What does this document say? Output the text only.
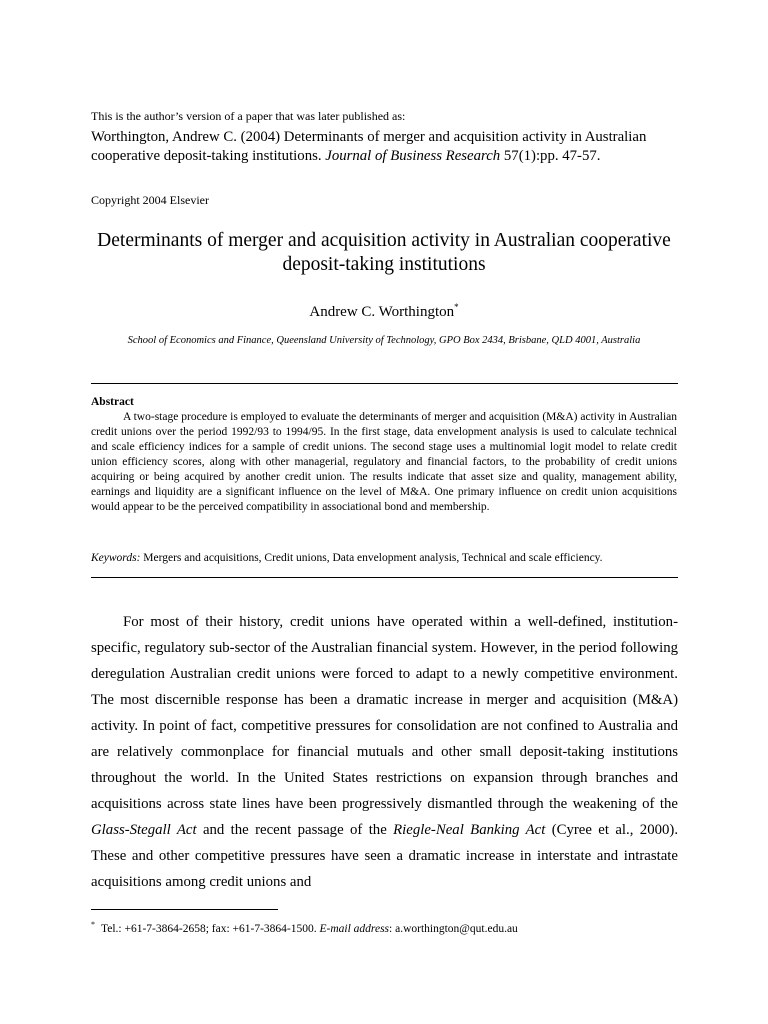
This is the author’s version of a paper that was later published as:
Worthington, Andrew C. (2004) Determinants of merger and acquisition activity in Australian cooperative deposit-taking institutions. Journal of Business Research 57(1):pp. 47-57.
Copyright 2004 Elsevier
Determinants of merger and acquisition activity in Australian cooperative deposit-taking institutions
Andrew C. Worthington*
School of Economics and Finance, Queensland University of Technology, GPO Box 2434, Brisbane, QLD 4001, Australia
Abstract
A two-stage procedure is employed to evaluate the determinants of merger and acquisition (M&A) activity in Australian credit unions over the period 1992/93 to 1994/95. In the first stage, data envelopment analysis is used to calculate technical and scale efficiency indices for a sample of credit unions. The second stage uses a multinomial logit model to relate credit union efficiency scores, along with other managerial, regulatory and financial factors, to the probability of credit unions acquiring or being acquired by another credit union. The results indicate that asset size and quality, management ability, earnings and liquidity are a significant influence on the level of M&A. One primary influence on credit union acquisitions would appear to be the perceived compatibility in associational bond and membership.
Keywords: Mergers and acquisitions, Credit unions, Data envelopment analysis, Technical and scale efficiency.
For most of their history, credit unions have operated within a well-defined, institution-specific, regulatory sub-sector of the Australian financial system. However, in the period following deregulation Australian credit unions were forced to adapt to a newly competitive environment. The most discernible response has been a dramatic increase in merger and acquisition (M&A) activity. In point of fact, competitive pressures for consolidation are not confined to Australia and are relatively commonplace for financial mutuals and other small deposit-taking institutions throughout the world. In the United States restrictions on expansion through branches and acquisitions across state lines have been progressively dismantled through the weakening of the Glass-Stegall Act and the recent passage of the Riegle-Neal Banking Act (Cyree et al., 2000). These and other competitive pressures have seen a dramatic increase in interstate and intrastate acquisitions among credit unions and
* Tel.: +61-7-3864-2658; fax: +61-7-3864-1500. E-mail address: a.worthington@qut.edu.au
